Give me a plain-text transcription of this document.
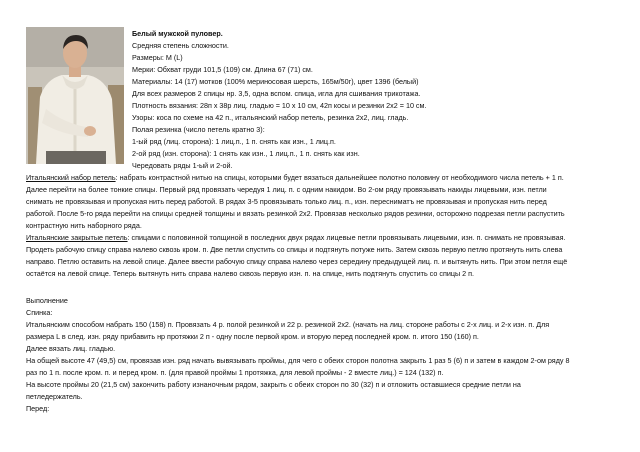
Белый мужской пуловер.
Средняя степень сложности.
Размеры: M (L)
Мерки: Обхват груди 101,5 (109) см. Длина 67 (71) см.
Материалы: 14 (17) мотков (100% мериносовая шерсть, 165м/50г), цвет 1396 (белый)
Для всех размеров 2 спицы нр. 3,5, одна вспом. спица, игла для сшивания трикотажа.
Плотность вязания: 28п х 38р лиц. гладью = 10 х 10 см, 42п косы и резинки 2х2 = 10 см.
Узоры: коса по схеме на 42 п., итальянский набор петель, резинка 2х2, лиц. гладь.
Полая резинка (число петель кратно 3):
1-ый ряд (лиц. сторона): 1 лиц.п., 1 п. снять как изн., 1 лиц.п.
2-ой ряд (изн. сторона): 1 снять как изн., 1 лиц.п., 1 п. снять как изн.
Чередовать ряды 1-ый и 2-ой.
Итальянский набор петель: набрать контрастной нитью на спицы, которыми будет вязаться дальнейшее полотно половину от необходимого числа петель + 1 п.
Далее перейти на более тонкие спицы. Первый ряд провязать чередуя 1 лиц. п. с одним накидом. Во 2-ом ряду провязывать накиды лицевыми, изн. петли
снимать не провязывая и пропуская нить перед работой. В рядах 3-5 провязывать только лиц. п., изн. пересниматъ не провязывая и пропуская нить перед
работой. После 5-го ряда перейти на спицы средней толщины и вязать резинкой 2х2. Провязав несколько рядов резинки, осторожно подрезая петли распустить
контрастную нить наборного ряда.
Итальянские закрытые петель: спицами с половинной толщиной в последних двух рядах лицевые петли провязывать лицевыми, изн. п. снимать не провязывая.
Продеть рабочую спицу справа налево сквозь кром. п. Две петли спустить со спицы и подтянуть потуже нить. Затем сквозь первую петлю протянуть нить слева
направо. Петлю оставить на левой спице. Далее ввести рабочую спицу справа налево через середину предыдущей лиц. п. и вытянуть нить. При этом петля ещё
остаётся на левой спице. Теперь вытянуть нить справа налево сквозь первую изн. п. на спице, нить подтянуть спустить со спицы 2 п.
Выполнение
Спинка:
Итальянским способом набрать 150 (158) п. Провязать 4 р. полой резинкой и 22 р. резинкой 2х2. (начать на лиц. стороне работы с 2-х лиц. и 2-х изн. п. Для
размера L в след. изн. ряду прибавить нр протяжки 2 п - одну после первой кром. и вторую перед последней кром. п. итого 150 (160) п.
Далее вязать лиц. гладью.
На общей высоте 47 (49,5) см, провязав изн. ряд начать вывязывать проймы, для чего с обеих сторон полотна закрыть 1 раз 5 (6) п и затем в каждом 2-ом ряду 8
раз по 1 п. после кром. п. и перед кром. п. (для правой проймы 1 протяжка, для левой проймы - 2 вместе лиц.) = 124 (132) п.
На высоте проймы 20 (21,5 см) закончить работу изнаночным рядом, закрыть с обеих сторон по 30 (32) п и отложить оставшиеся средние петли на
петледержатель.
Перед:
